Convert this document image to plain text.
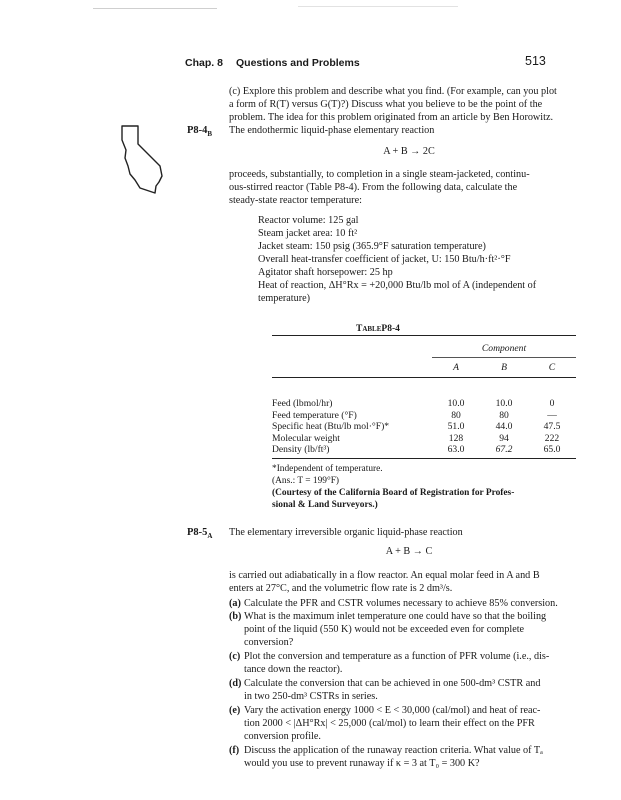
Chap. 8 Questions and Problems	513
(c) Explore this problem and describe what you find. (For example, can you plot
a form of R(T) versus G(T)?) Discuss what you believe to be the point of the
problem. The idea for this problem originated from an article by Ben Horowitz.
$P8-4_B$ The endothermic liquid-phase elementary reaction
A + B → 2C
proceeds, substantially, to completion in a single steam-jacketed, continu-
ous-stirred reactor (Table P8-4). From the following data, calculate the
steady-state reactor temperature:
Reactor volume: 125 gal
Steam jacket area: 10 ft²
Jacket steam: 150 psig (365.9°F saturation temperature)
Overall heat-transfer coefficient of jacket, U: 150 Btu/h·ft²·°F
Agitator shaft horsepower: 25 hp
Heat of reaction, ΔH°Rx = +20,000 Btu/lb mol of A (independent of
temperature)
TableP8-4
Component
	A	B	C
Feed (lbmol/hr)	10.0	10.0	0
Feed temperature (°F)	80	80	—
Specific heat (Btu/lb mol·°F)*	51.0	44.0	47.5
Molecular weight	128	94	222
Density (lb/ft³)	63.0	67.2	65.0
*Independent of temperature.
(Ans.: T = 199°F)
(Courtesy of the California Board of Registration for Profes-
sional & Land Surveyors.)
$P8-5_A$ The elementary irreversible organic liquid-phase reaction
A + B → C
is carried out adiabatically in a flow reactor. An equal molar feed in A and B
enters at 27°C, and the volumetric flow rate is 2 dm³/s.
(a) Calculate the PFR and CSTR volumes necessary to achieve 85% conversion.
(b) What is the maximum inlet temperature one could have so that the boiling
point of the liquid (550 K) would not be exceeded even for complete
conversion?
(c) Plot the conversion and temperature as a function of PFR volume (i.e., dis-
tance down the reactor).
(d) Calculate the conversion that can be achieved in one 500-dm³ CSTR and
in two 250-dm³ CSTRs in series.
(e) Vary the activation energy 1000 < E < 30,000 (cal/mol) and heat of reac-
tion 2000 < |ΔH°Rx| < 25,000 (cal/mol) to learn their effect on the PFR
conversion profile.
(f) Discuss the application of the runaway reaction criteria. What value of Tₐ
would you use to prevent runaway if κ = 3 at T₀ = 300 K?
